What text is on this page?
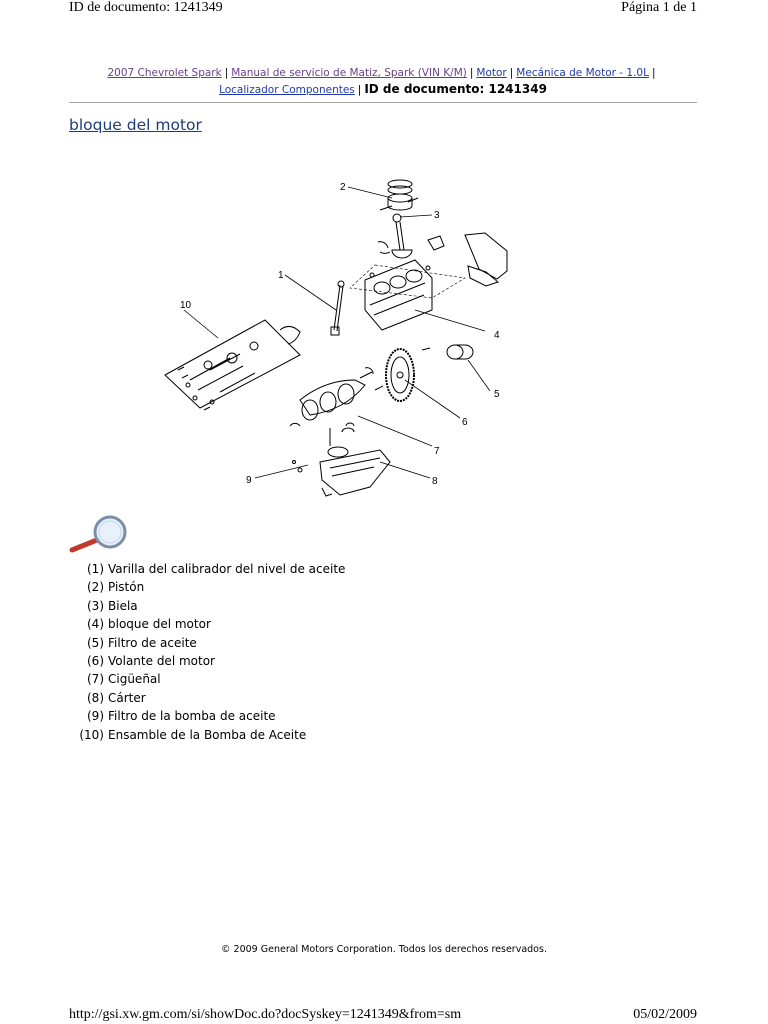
ID de documento: 1241349	Página 1 de 1
2007 Chevrolet Spark | Manual de servicio de Matiz, Spark (VIN K/M) | Motor | Mecánica de Motor - 1.0L |
Localizador Componentes | ID de documento: 1241349
bloque del motor
2
3
1
10
4
5
6
7
8
9
(1) Varilla del calibrador del nivel de aceite
(2) Pistón
(3) Biela
(4) bloque del motor
(5) Filtro de aceite
(6) Volante del motor
(7) Cigüeñal
(8) Cárter
(9) Filtro de la bomba de aceite
(10) Ensamble de la Bomba de Aceite
© 2009 General Motors Corporation. Todos los derechos reservados.
http://gsi.xw.gm.com/si/showDoc.do?docSyskey=1241349&from=sm	05/02/2009
